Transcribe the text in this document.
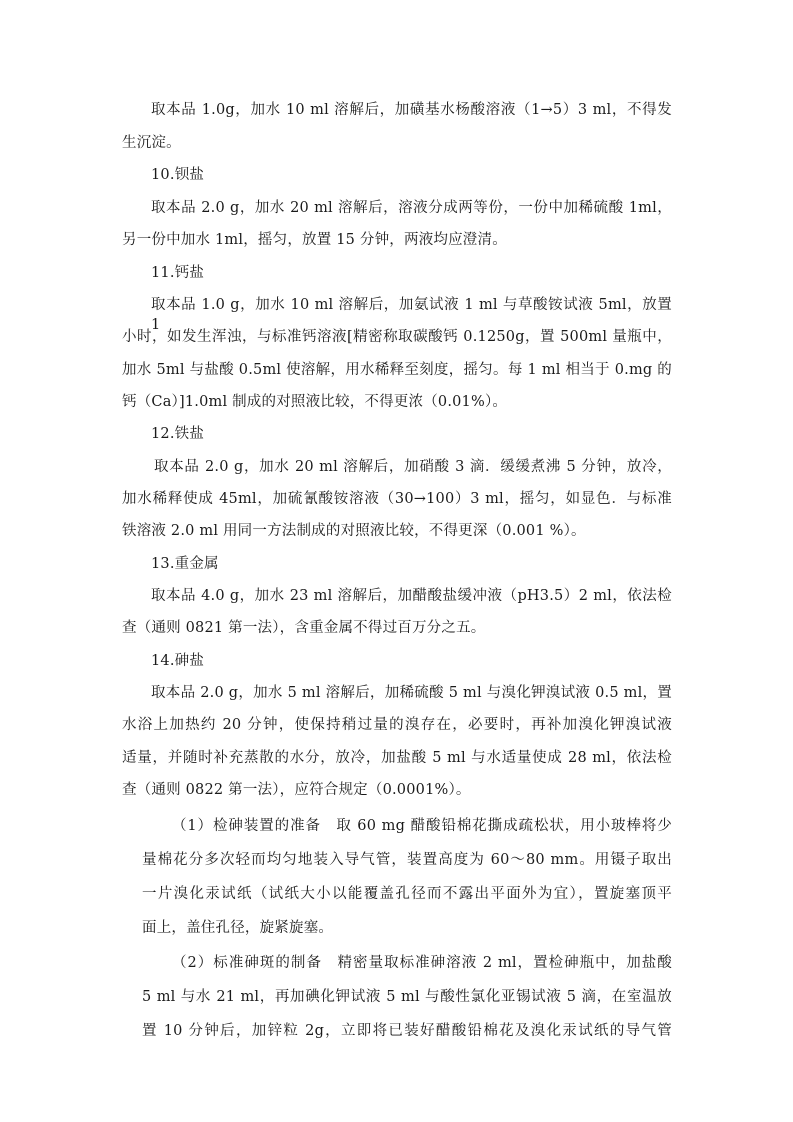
取本品 1.0g，加水 10 ml 溶解后，加磺基水杨酸溶液（1→5）3 ml，不得发
生沉淀。
10.钡盐
取本品 2.0 g，加水 20 ml 溶解后，溶液分成两等份，一份中加稀硫酸 1ml，
另一份中加水 1ml，摇匀，放置 15 分钟，两液均应澄清。
11.钙盐
取本品 1.0 g，加水 10 ml 溶解后，加氨试液 1 ml 与草酸铵试液 5ml，放置 1
小时，如发生浑浊，与标准钙溶液[精密称取碳酸钙 0.1250g，置 500ml 量瓶中，
加水 5ml 与盐酸 0.5ml 使溶解，用水稀释至刻度，摇匀。每 1 ml 相当于 0.mg 的
钙（Ca）]1.0ml 制成的对照液比较，不得更浓（0.01%）。
12.铁盐
取本品 2.0 g，加水 20 ml 溶解后，加硝酸 3 滴．缓缓煮沸 5 分钟，放冷，
加水稀释使成 45ml，加硫氰酸铵溶液（30→100）3 ml，摇匀，如显色．与标准
铁溶液 2.0 ml 用同一方法制成的对照液比较，不得更深（0.001 %）。
13.重金属
取本品 4.0 g，加水 23 ml 溶解后，加醋酸盐缓冲液（pH3.5）2 ml，依法检
查（通则 0821 第一法），含重金属不得过百万分之五。
14.砷盐
取本品 2.0 g，加水 5 ml 溶解后，加稀硫酸 5 ml 与溴化钾溴试液 0.5 ml，置
水浴上加热约 20 分钟，使保持稍过量的溴存在，必要时，再补加溴化钾溴试液
适量，并随时补充蒸散的水分，放冷，加盐酸 5 ml 与水适量使成 28 ml，依法检
查（通则 0822 第一法），应符合规定（0.0001%）。
（1）检砷装置的准备　取 60 mg 醋酸铅棉花撕成疏松状，用小玻棒将少
量棉花分多次轻而均匀地装入导气管，装置高度为 60～80 mm。用镊子取出
一片溴化汞试纸（试纸大小以能覆盖孔径而不露出平面外为宜），置旋塞顶平
面上，盖住孔径，旋紧旋塞。
（2）标准砷斑的制备　精密量取标准砷溶液 2 ml，置检砷瓶中，加盐酸
5 ml 与水 21 ml，再加碘化钾试液 5 ml 与酸性氯化亚锡试液 5 滴，在室温放
置 10 分钟后，加锌粒 2g，立即将已装好醋酸铅棉花及溴化汞试纸的导气管
